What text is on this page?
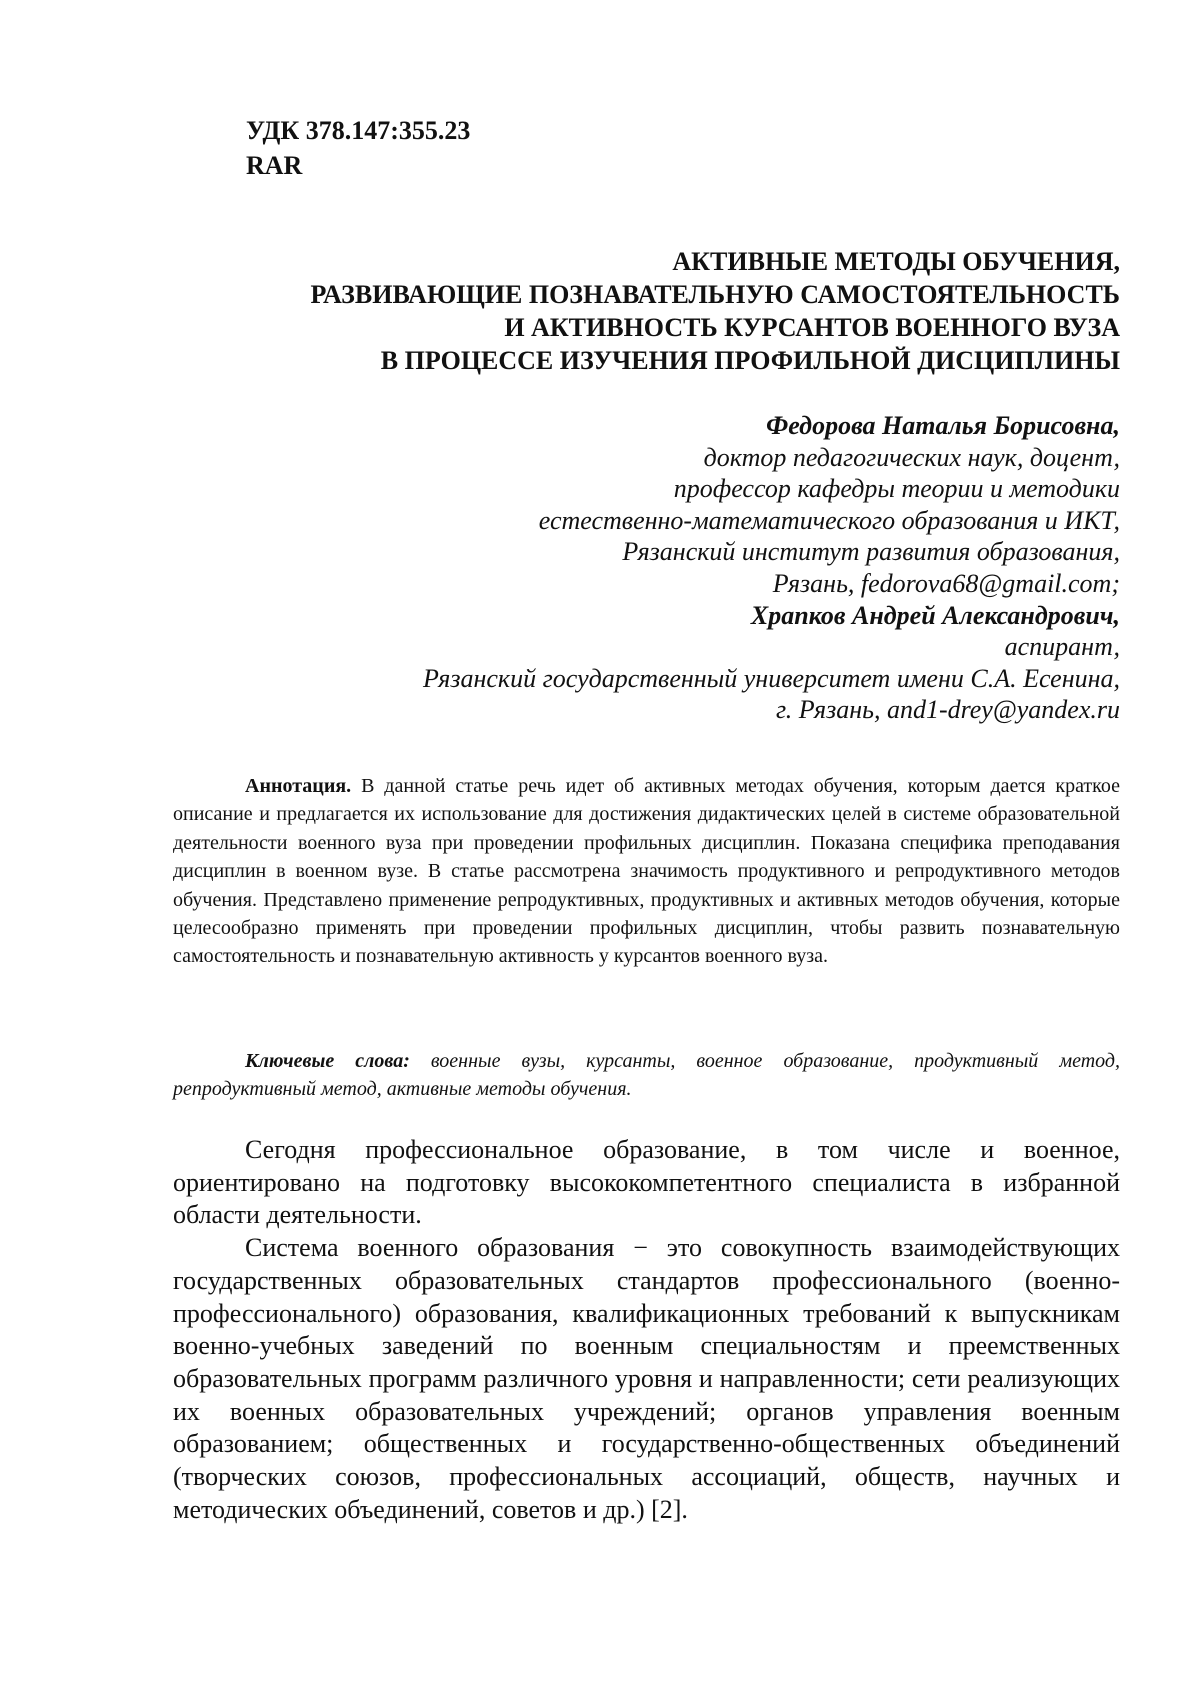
УДК 378.147:355.23
RAR
АКТИВНЫЕ МЕТОДЫ ОБУЧЕНИЯ,
РАЗВИВАЮЩИЕ ПОЗНАВАТЕЛЬНУЮ САМОСТОЯТЕЛЬНОСТЬ
И АКТИВНОСТЬ КУРСАНТОВ ВОЕННОГО ВУЗА
В ПРОЦЕССЕ ИЗУЧЕНИЯ ПРОФИЛЬНОЙ ДИСЦИПЛИНЫ
Федорова Наталья Борисовна,
доктор педагогических наук, доцент,
профессор кафедры теории и методики
естественно-математического образования и ИКТ,
Рязанский институт развития образования,
Рязань, fedorova68@gmail.com;
Храпков Андрей Александрович,
аспирант,
Рязанский государственный университет имени С.А. Есенина,
г. Рязань, and1-drey@yandex.ru

Аннотация. В данной статье речь идет об активных методах обучения, которым дается краткое описание и предлагается их использование для достижения дидактических целей в системе образовательной деятельности военного вуза при проведении профильных дисциплин. Показана специфика преподавания дисциплин в военном вузе. В статье рассмотрена значимость продуктивного и репродуктивного методов обучения. Представлено применение репродуктивных, продуктивных и активных методов обучения, которые целесообразно применять при проведении профильных дисциплин, чтобы развить познавательную самостоятельность и познавательную активность у курсантов военного вуза.

Ключевые слова: военные вузы, курсанты, военное образование, продуктивный метод, репродуктивный метод, активные методы обучения.

Сегодня профессиональное образование, в том числе и военное, ориентировано на подготовку высококомпетентного специалиста в избранной области деятельности.

Система военного образования − это совокупность взаимодействующих государственных образовательных стандартов профессионального (военно-профессионального) образования, квалификационных требований к выпускникам военно-учебных заведений по военным специальностям и преемственных образовательных программ различного уровня и направленности; сети реализующих их военных образовательных учреждений; органов управления военным образованием; общественных и государственно-общественных объединений (творческих союзов, профессиональных ассоциаций, обществ, научных и методических объединений, советов и др.) [2].
